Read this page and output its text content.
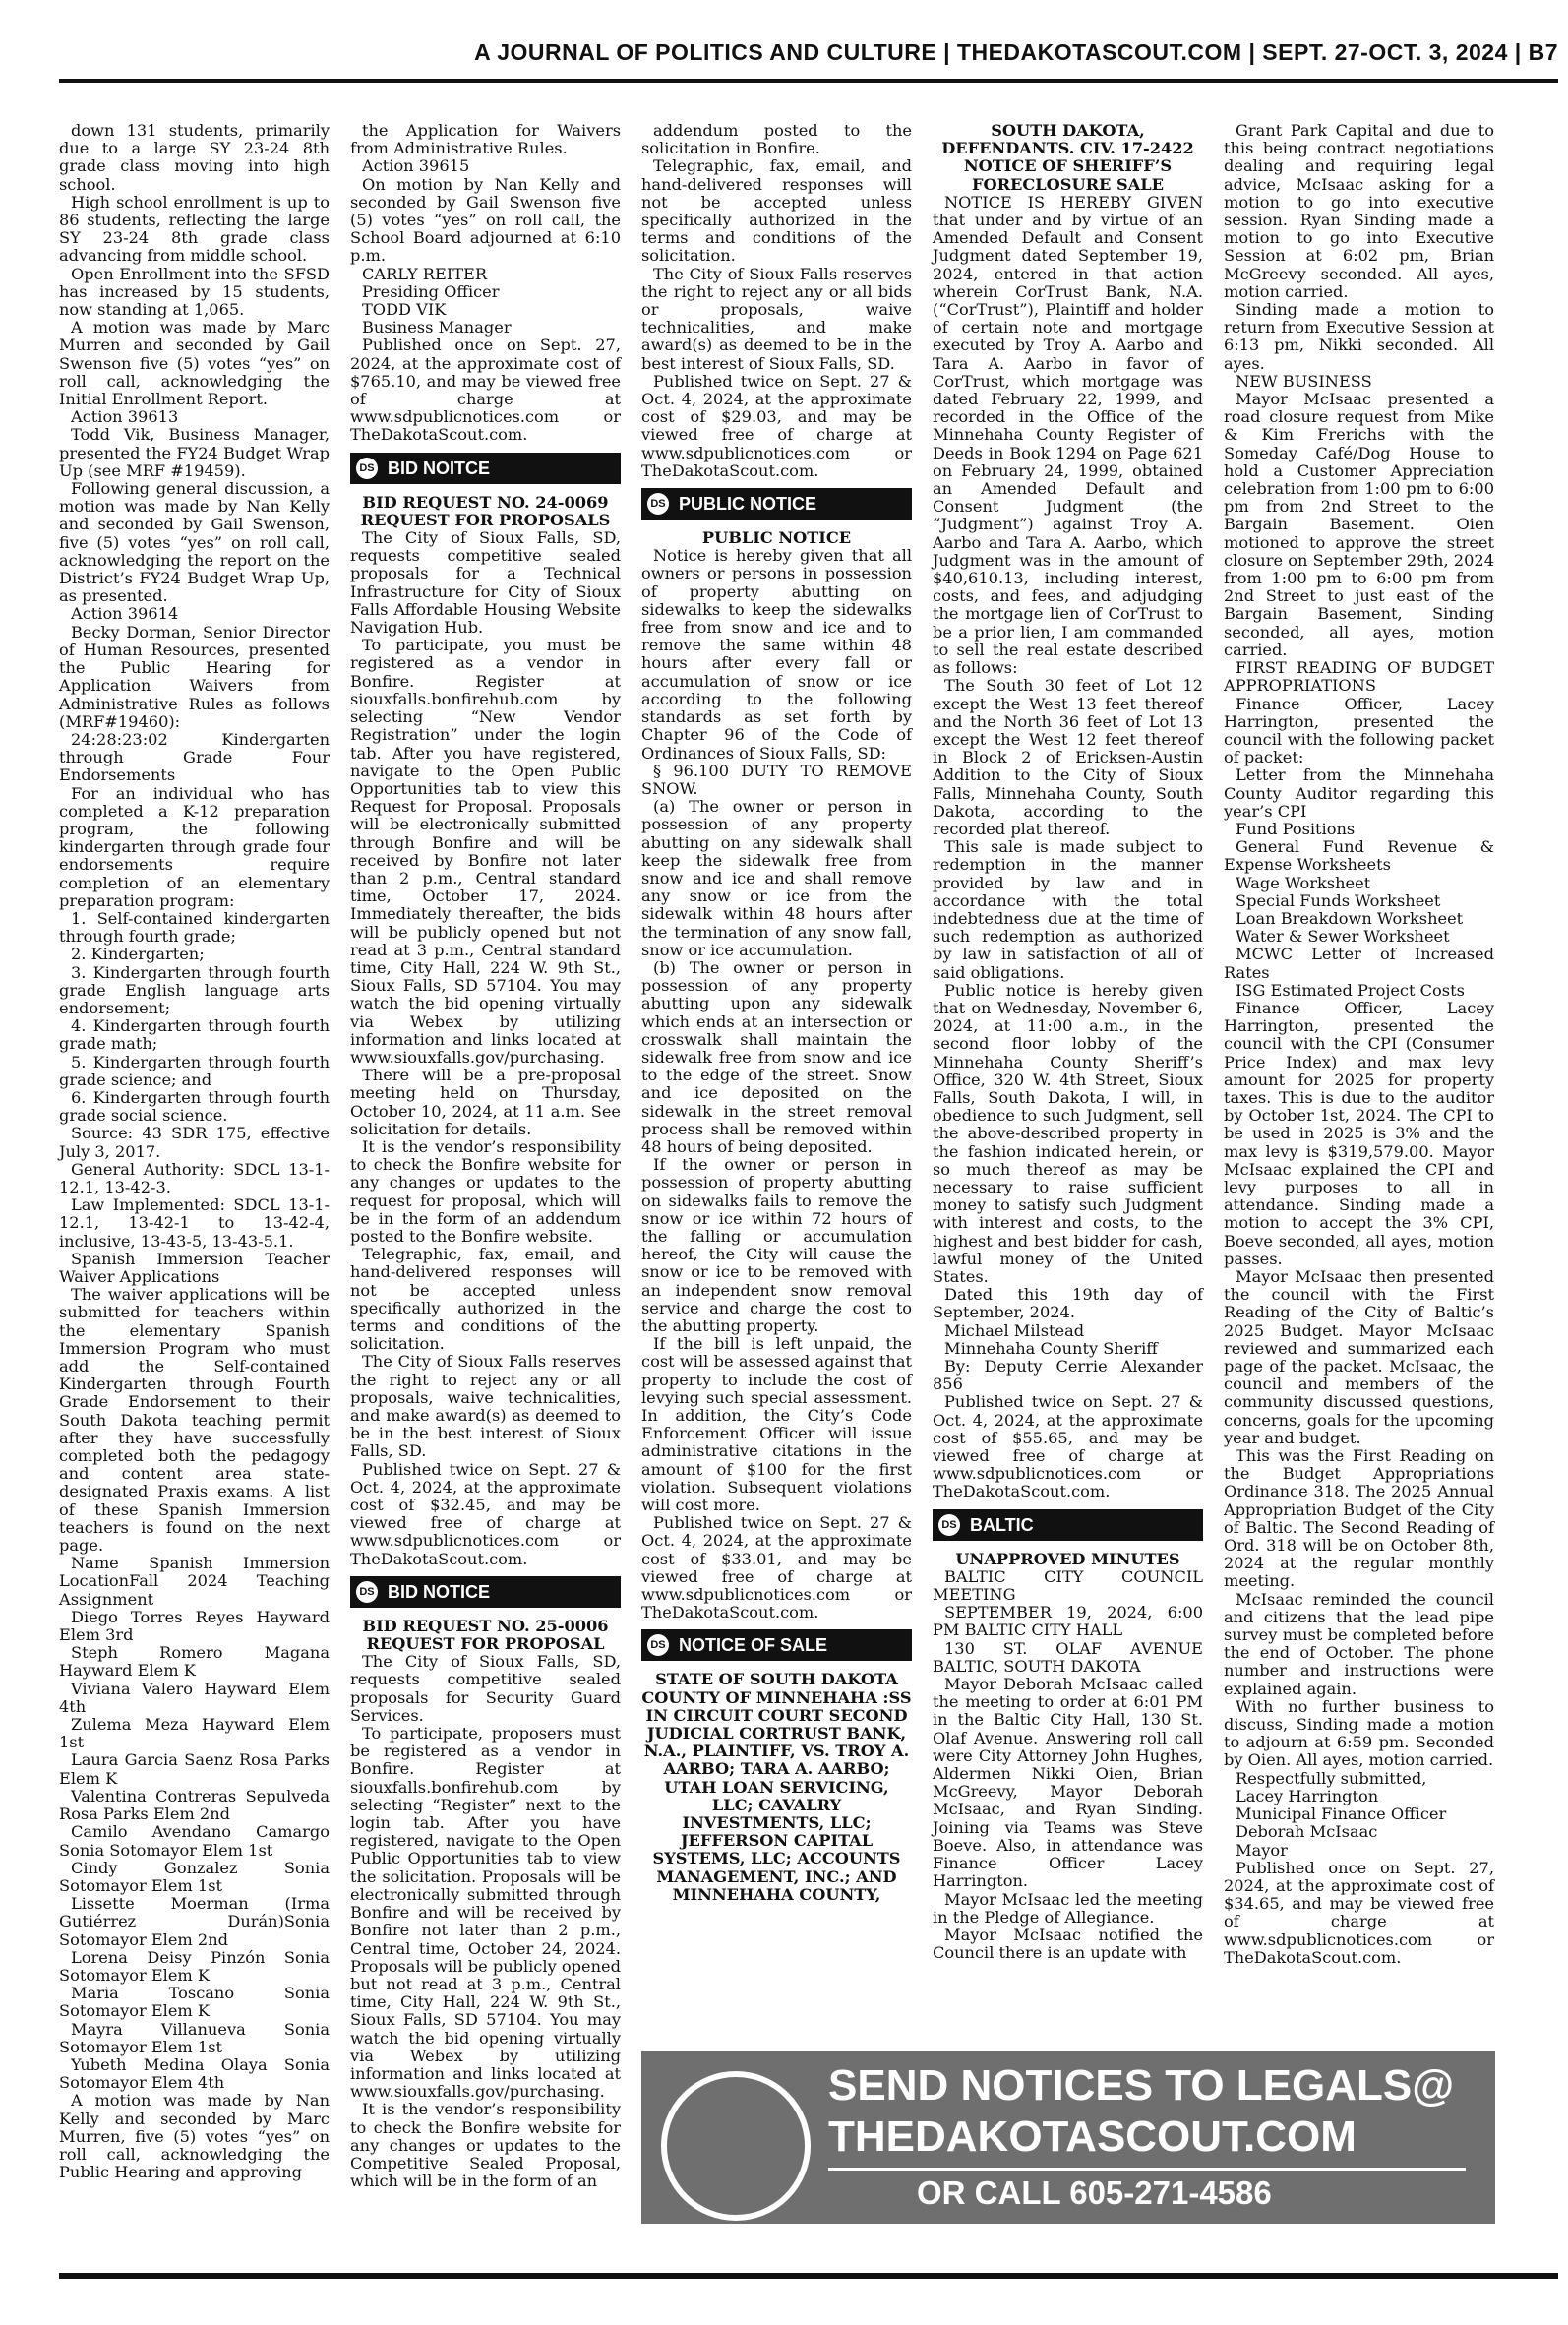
A JOURNAL OF POLITICS AND CULTURE | THEDAKOTASCOUT.COM | SEPT. 27-OCT. 3, 2024 | B7

down 131 students, primarily due to a large SY 23-24 8th grade class moving into high school.

High school enrollment is up to 86 students, reflecting the large SY 23-24 8th grade class advancing from middle school.

Open Enrollment into the SFSD has increased by 15 students, now standing at 1,065.

A motion was made by Marc Murren and seconded by Gail Swenson five (5) votes “yes” on roll call, acknowledging the Initial Enrollment Report.

Action 39613

Todd Vik, Business Manager, presented the FY24 Budget Wrap Up (see MRF #19459).

Following general discussion, a motion was made by Nan Kelly and seconded by Gail Swenson, five (5) votes “yes” on roll call, acknowledging the report on the District’s FY24 Budget Wrap Up, as presented.

Action 39614

Becky Dorman, Senior Director of Human Resources, presented the Public Hearing for Application Waivers from Administrative Rules as follows (MRF#19460):

24:28:23:02 Kindergarten through Grade Four Endorsements

For an individual who has completed a K-12 preparation program, the following kindergarten through grade four endorsements require completion of an elementary preparation program:

1. Self-contained kindergarten through fourth grade;

2. Kindergarten;

3. Kindergarten through fourth grade English language arts endorsement;

4. Kindergarten through fourth grade math;

5. Kindergarten through fourth grade science; and

6. Kindergarten through fourth grade social science.

Source: 43 SDR 175, effective July 3, 2017.

General Authority: SDCL 13-1-12.1, 13-42-3.

Law Implemented: SDCL 13-1-12.1, 13-42-1 to 13-42-4, inclusive, 13-43-5, 13-43-5.1.

Spanish Immersion Teacher Waiver Applications

The waiver applications will be submitted for teachers within the elementary Spanish Immersion Program who must add the Self-contained Kindergarten through Fourth Grade Endorsement to their South Dakota teaching permit after they have successfully completed both the pedagogy and content area state-designated Praxis exams. A list of these Spanish Immersion teachers is found on the next page.

Name Spanish Immersion LocationFall 2024 Teaching Assignment

Diego Torres Reyes Hayward Elem 3rd

Steph Romero Magana Hayward Elem K

Viviana Valero Hayward Elem 4th

Zulema Meza Hayward Elem 1st

Laura Garcia Saenz Rosa Parks Elem K

Valentina Contreras Sepulveda Rosa Parks Elem 2nd

Camilo Avendano Camargo Sonia Sotomayor Elem 1st

Cindy Gonzalez Sonia Sotomayor Elem 1st

Lissette Moerman (Irma Gutiérrez Durán)Sonia Sotomayor Elem 2nd

Lorena Deisy Pinzón Sonia Sotomayor Elem K

Maria Toscano Sonia Sotomayor Elem K

Mayra Villanueva Sonia Sotomayor Elem 1st

Yubeth Medina Olaya Sonia Sotomayor Elem 4th

A motion was made by Nan Kelly and seconded by Marc Murren, five (5) votes “yes” on roll call, acknowledging the Public Hearing and approving

the Application for Waivers from Administrative Rules.

Action 39615

On motion by Nan Kelly and seconded by Gail Swenson five (5) votes “yes” on roll call, the School Board adjourned at 6:10 p.m.

CARLY REITER

Presiding Officer

TODD VIK

Business Manager

Published once on Sept. 27, 2024, at the approximate cost of $765.10, and may be viewed free of charge at www.sdpublicnotices.com or TheDakotaScout.com.

DS BID NOITCE

BID REQUEST NO. 24-0069 REQUEST FOR PROPOSALS

The City of Sioux Falls, SD, requests competitive sealed proposals for a Technical Infrastructure for City of Sioux Falls Affordable Housing Website Navigation Hub.

To participate, you must be registered as a vendor in Bonfire. Register at siouxfalls.bonfirehub.com by selecting “New Vendor Registration” under the login tab. After you have registered, navigate to the Open Public Opportunities tab to view this Request for Proposal. Proposals will be electronically submitted through Bonfire and will be received by Bonfire not later than 2 p.m., Central standard time, October 17, 2024. Immediately thereafter, the bids will be publicly opened but not read at 3 p.m., Central standard time, City Hall, 224 W. 9th St., Sioux Falls, SD 57104. You may watch the bid opening virtually via Webex by utilizing information and links located at www.siouxfalls.gov/purchasing.

There will be a pre-proposal meeting held on Thursday, October 10, 2024, at 11 a.m. See solicitation for details.

It is the vendor’s responsibility to check the Bonfire website for any changes or updates to the request for proposal, which will be in the form of an addendum posted to the Bonfire website.

Telegraphic, fax, email, and hand-delivered responses will not be accepted unless specifically authorized in the terms and conditions of the solicitation.

The City of Sioux Falls reserves the right to reject any or all proposals, waive technicalities, and make award(s) as deemed to be in the best interest of Sioux Falls, SD.

Published twice on Sept. 27 & Oct. 4, 2024, at the approximate cost of $32.45, and may be viewed free of charge at www.sdpublicnotices.com or TheDakotaScout.com.

DS BID NOTICE

BID REQUEST NO. 25-0006 REQUEST FOR PROPOSAL

The City of Sioux Falls, SD, requests competitive sealed proposals for Security Guard Services.

To participate, proposers must be registered as a vendor in Bonfire. Register at siouxfalls.bonfirehub.com by selecting “Register” next to the login tab. After you have registered, navigate to the Open Public Opportunities tab to view the solicitation. Proposals will be electronically submitted through Bonfire and will be received by Bonfire not later than 2 p.m., Central time, October 24, 2024. Proposals will be publicly opened but not read at 3 p.m., Central time, City Hall, 224 W. 9th St., Sioux Falls, SD 57104. You may watch the bid opening virtually via Webex by utilizing information and links located at www.siouxfalls.gov/purchasing.

It is the vendor’s responsibility to check the Bonfire website for any changes or updates to the Competitive Sealed Proposal, which will be in the form of an

addendum posted to the solicitation in Bonfire.

Telegraphic, fax, email, and hand-delivered responses will not be accepted unless specifically authorized in the terms and conditions of the solicitation.

The City of Sioux Falls reserves the right to reject any or all bids or proposals, waive technicalities, and make award(s) as deemed to be in the best interest of Sioux Falls, SD.

Published twice on Sept. 27 & Oct. 4, 2024, at the approximate cost of $29.03, and may be viewed free of charge at www.sdpublicnotices.com or TheDakotaScout.com.

DS PUBLIC NOTICE

PUBLIC NOTICE

Notice is hereby given that all owners or persons in possession of property abutting on sidewalks to keep the sidewalks free from snow and ice and to remove the same within 48 hours after every fall or accumulation of snow or ice according to the following standards as set forth by Chapter 96 of the Code of Ordinances of Sioux Falls, SD:

§ 96.100 DUTY TO REMOVE SNOW.

(a) The owner or person in possession of any property abutting on any sidewalk shall keep the sidewalk free from snow and ice and shall remove any snow or ice from the sidewalk within 48 hours after the termination of any snow fall, snow or ice accumulation.

(b) The owner or person in possession of any property abutting upon any sidewalk which ends at an intersection or crosswalk shall maintain the sidewalk free from snow and ice to the edge of the street. Snow and ice deposited on the sidewalk in the street removal process shall be removed within 48 hours of being deposited.

If the owner or person in possession of property abutting on sidewalks fails to remove the snow or ice within 72 hours of the falling or accumulation hereof, the City will cause the snow or ice to be removed with an independent snow removal service and charge the cost to the abutting property.

If the bill is left unpaid, the cost will be assessed against that property to include the cost of levying such special assessment. In addition, the City’s Code Enforcement Officer will issue administrative citations in the amount of $100 for the first violation. Subsequent violations will cost more.

Published twice on Sept. 27 & Oct. 4, 2024, at the approximate cost of $33.01, and may be viewed free of charge at www.sdpublicnotices.com or TheDakotaScout.com.

DS NOTICE OF SALE

STATE OF SOUTH DAKOTA COUNTY OF MINNEHAHA :SS IN CIRCUIT COURT SECOND JUDICIAL CORTRUST BANK, N.A., PLAINTIFF, VS. TROY A. AARBO; TARA A. AARBO; UTAH LOAN SERVICING, LLC; CAVALRY INVESTMENTS, LLC; JEFFERSON CAPITAL SYSTEMS, LLC; ACCOUNTS MANAGEMENT, INC.; AND MINNEHAHA COUNTY,

SOUTH DAKOTA, DEFENDANTS. CIV. 17-2422 NOTICE OF SHERIFF’S FORECLOSURE SALE

NOTICE IS HEREBY GIVEN that under and by virtue of an Amended Default and Consent Judgment dated September 19, 2024, entered in that action wherein CorTrust Bank, N.A. (“CorTrust”), Plaintiff and holder of certain note and mortgage executed by Troy A. Aarbo and Tara A. Aarbo in favor of CorTrust, which mortgage was dated February 22, 1999, and recorded in the Office of the Minnehaha County Register of Deeds in Book 1294 on Page 621 on February 24, 1999, obtained an Amended Default and Consent Judgment (the “Judgment”) against Troy A. Aarbo and Tara A. Aarbo, which Judgment was in the amount of $40,610.13, including interest, costs, and fees, and adjudging the mortgage lien of CorTrust to be a prior lien, I am commanded to sell the real estate described as follows:

The South 30 feet of Lot 12 except the West 13 feet thereof and the North 36 feet of Lot 13 except the West 12 feet thereof in Block 2 of Ericksen-Austin Addition to the City of Sioux Falls, Minnehaha County, South Dakota, according to the recorded plat thereof.

This sale is made subject to redemption in the manner provided by law and in accordance with the total indebtedness due at the time of such redemption as authorized by law in satisfaction of all of said obligations.

Public notice is hereby given that on Wednesday, November 6, 2024, at 11:00 a.m., in the second floor lobby of the Minnehaha County Sheriff’s Office, 320 W. 4th Street, Sioux Falls, South Dakota, I will, in obedience to such Judgment, sell the above-described property in the fashion indicated herein, or so much thereof as may be necessary to raise sufficient money to satisfy such Judgment with interest and costs, to the highest and best bidder for cash, lawful money of the United States.

Dated this 19th day of September, 2024.

Michael Milstead

Minnehaha County Sheriff

By: Deputy Cerrie Alexander 856

Published twice on Sept. 27 & Oct. 4, 2024, at the approximate cost of $55.65, and may be viewed free of charge at www.sdpublicnotices.com or TheDakotaScout.com.

DS BALTIC

UNAPPROVED MINUTES

BALTIC CITY COUNCIL MEETING

SEPTEMBER 19, 2024, 6:00 PM BALTIC CITY HALL

130 ST. OLAF AVENUE BALTIC, SOUTH DAKOTA

Mayor Deborah McIsaac called the meeting to order at 6:01 PM in the Baltic City Hall, 130 St. Olaf Avenue. Answering roll call were City Attorney John Hughes, Aldermen Nikki Oien, Brian McGreevy, Mayor Deborah McIsaac, and Ryan Sinding. Joining via Teams was Steve Boeve. Also, in attendance was Finance Officer Lacey Harrington.

Mayor McIsaac led the meeting in the Pledge of Allegiance.

Mayor McIsaac notified the Council there is an update with

Grant Park Capital and due to this being contract negotiations dealing and requiring legal advice, McIsaac asking for a motion to go into executive session. Ryan Sinding made a motion to go into Executive Session at 6:02 pm, Brian McGreevy seconded. All ayes, motion carried.

Sinding made a motion to return from Executive Session at 6:13 pm, Nikki seconded. All ayes.

NEW BUSINESS

Mayor McIsaac presented a road closure request from Mike & Kim Frerichs with the Someday Café/Dog House to hold a Customer Appreciation celebration from 1:00 pm to 6:00 pm from 2nd Street to the Bargain Basement. Oien motioned to approve the street closure on September 29th, 2024 from 1:00 pm to 6:00 pm from 2nd Street to just east of the Bargain Basement, Sinding seconded, all ayes, motion carried.

FIRST READING OF BUDGET APPROPRIATIONS

Finance Officer, Lacey Harrington, presented the council with the following packet of packet:

Letter from the Minnehaha County Auditor regarding this year’s CPI

Fund Positions

General Fund Revenue & Expense Worksheets

Wage Worksheet

Special Funds Worksheet

Loan Breakdown Worksheet

Water & Sewer Worksheet

MCWC Letter of Increased Rates

ISG Estimated Project Costs

Finance Officer, Lacey Harrington, presented the council with the CPI (Consumer Price Index) and max levy amount for 2025 for property taxes. This is due to the auditor by October 1st, 2024. The CPI to be used in 2025 is 3% and the max levy is $319,579.00. Mayor McIsaac explained the CPI and levy purposes to all in attendance. Sinding made a motion to accept the 3% CPI, Boeve seconded, all ayes, motion passes.

Mayor McIsaac then presented the council with the First Reading of the City of Baltic’s 2025 Budget. Mayor McIsaac reviewed and summarized each page of the packet. McIsaac, the council and members of the community discussed questions, concerns, goals for the upcoming year and budget.

This was the First Reading on the Budget Appropriations Ordinance 318. The 2025 Annual Appropriation Budget of the City of Baltic. The Second Reading of Ord. 318 will be on October 8th, 2024 at the regular monthly meeting.

McIsaac reminded the council and citizens that the lead pipe survey must be completed before the end of October. The phone number and instructions were explained again.

With no further business to discuss, Sinding made a motion to adjourn at 6:59 pm. Seconded by Oien. All ayes, motion carried.

Respectfully submitted,

Lacey Harrington

Municipal Finance Officer

Deborah McIsaac

Mayor

Published once on Sept. 27, 2024, at the approximate cost of $34.65, and may be viewed free of charge at www.sdpublicnotices.com or TheDakotaScout.com.

SEND NOTICES TO LEGALS@
THEDAKOTASCOUT.COM
OR CALL 605-271-4586
